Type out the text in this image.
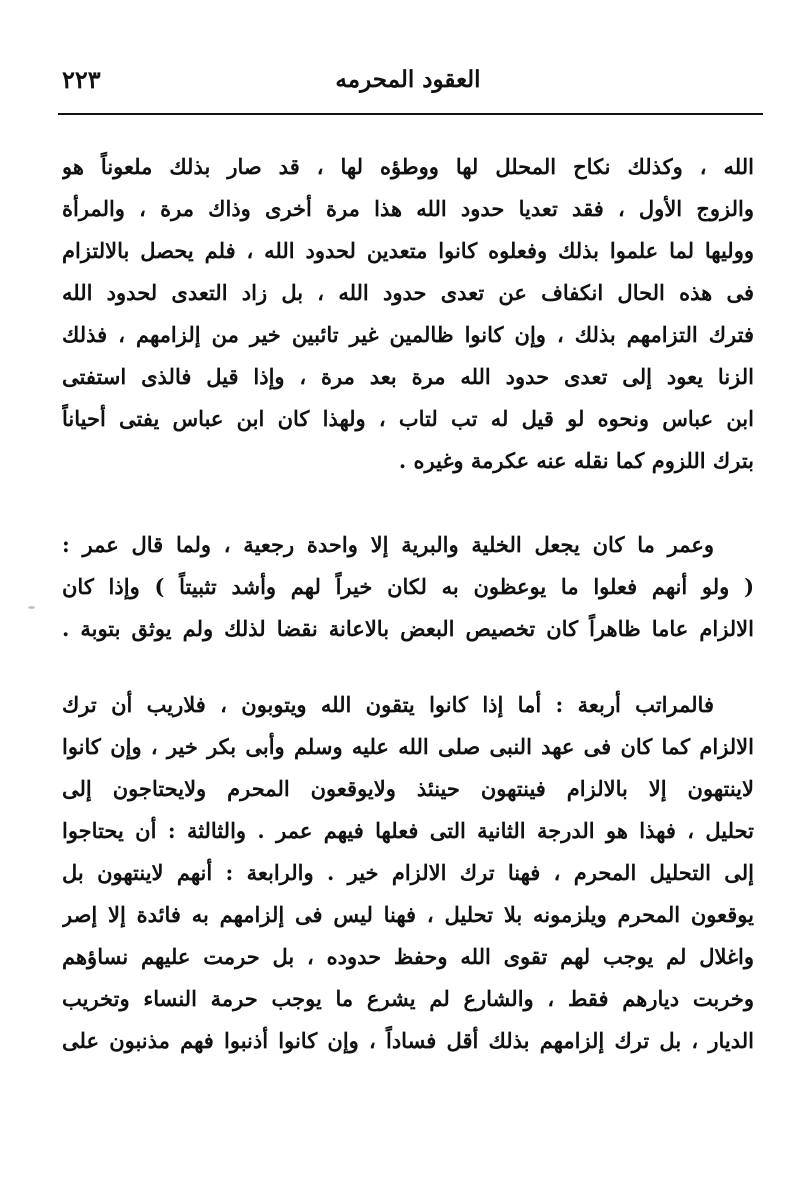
العقود المحرمه
٢٢٣
الله ، وكذلك نكاح المحلل لها ووطؤه لها ، قد صار بذلك ملعوناً هو
والزوج الأول ، فقد تعديا حدود الله هذا مرة أخرى وذاك مرة ، والمرأة
ووليها لما علموا بذلك وفعلوه كانوا متعدين لحدود الله ، فلم يحصل بالالتزام
فى هذه الحال انكفاف عن تعدى حدود الله ، بل زاد التعدى لحدود الله
فترك التزامهم بذلك ، وإن كانوا ظالمين غير تائبين خير من إلزامهم ، فذلك
الزنا يعود إلى تعدى حدود الله مرة بعد مرة ، وإذا قيل فالذى استفتى
ابن عباس ونحوه لو قيل له تب لتاب ، ولهذا كان ابن عباس يفتى أحياناً
بترك اللزوم كما نقله عنه عكرمة وغيره .
وعمر ما كان يجعل الخلية والبرية إلا واحدة رجعية ، ولما قال عمر :
( ولو أنهم فعلوا ما يوعظون به لكان خيراً لهم وأشد تثبيتاً ) وإذا كان
الالزام عاما ظاهراً كان تخصيص البعض بالاعانة نقضا لذلك ولم يوثق بتوبة .
فالمراتب أربعة : أما إذا كانوا يتقون الله ويتوبون ، فلاريب أن ترك
الالزام كما كان فى عهد النبى صلى الله عليه وسلم وأبى بكر خير ، وإن كانوا
لاينتهون إلا بالالزام فينتهون حينئذ ولايوقعون المحرم ولايحتاجون إلى
تحليل ، فهذا هو الدرجة الثانية التى فعلها فيهم عمر . والثالثة : أن يحتاجوا
إلى التحليل المحرم ، فهنا ترك الالزام خير . والرابعة : أنهم لاينتهون بل
يوقعون المحرم ويلزمونه بلا تحليل ، فهنا ليس فى إلزامهم به فائدة إلا إصر
واغلال لم يوجب لهم تقوى الله وحفظ حدوده ، بل حرمت عليهم نساؤهم
وخربت ديارهم فقط ، والشارع لم يشرع ما يوجب حرمة النساء وتخريب
الديار ، بل ترك إلزامهم بذلك أقل فساداً ، وإن كانوا أذنبوا فهم مذنبون على
